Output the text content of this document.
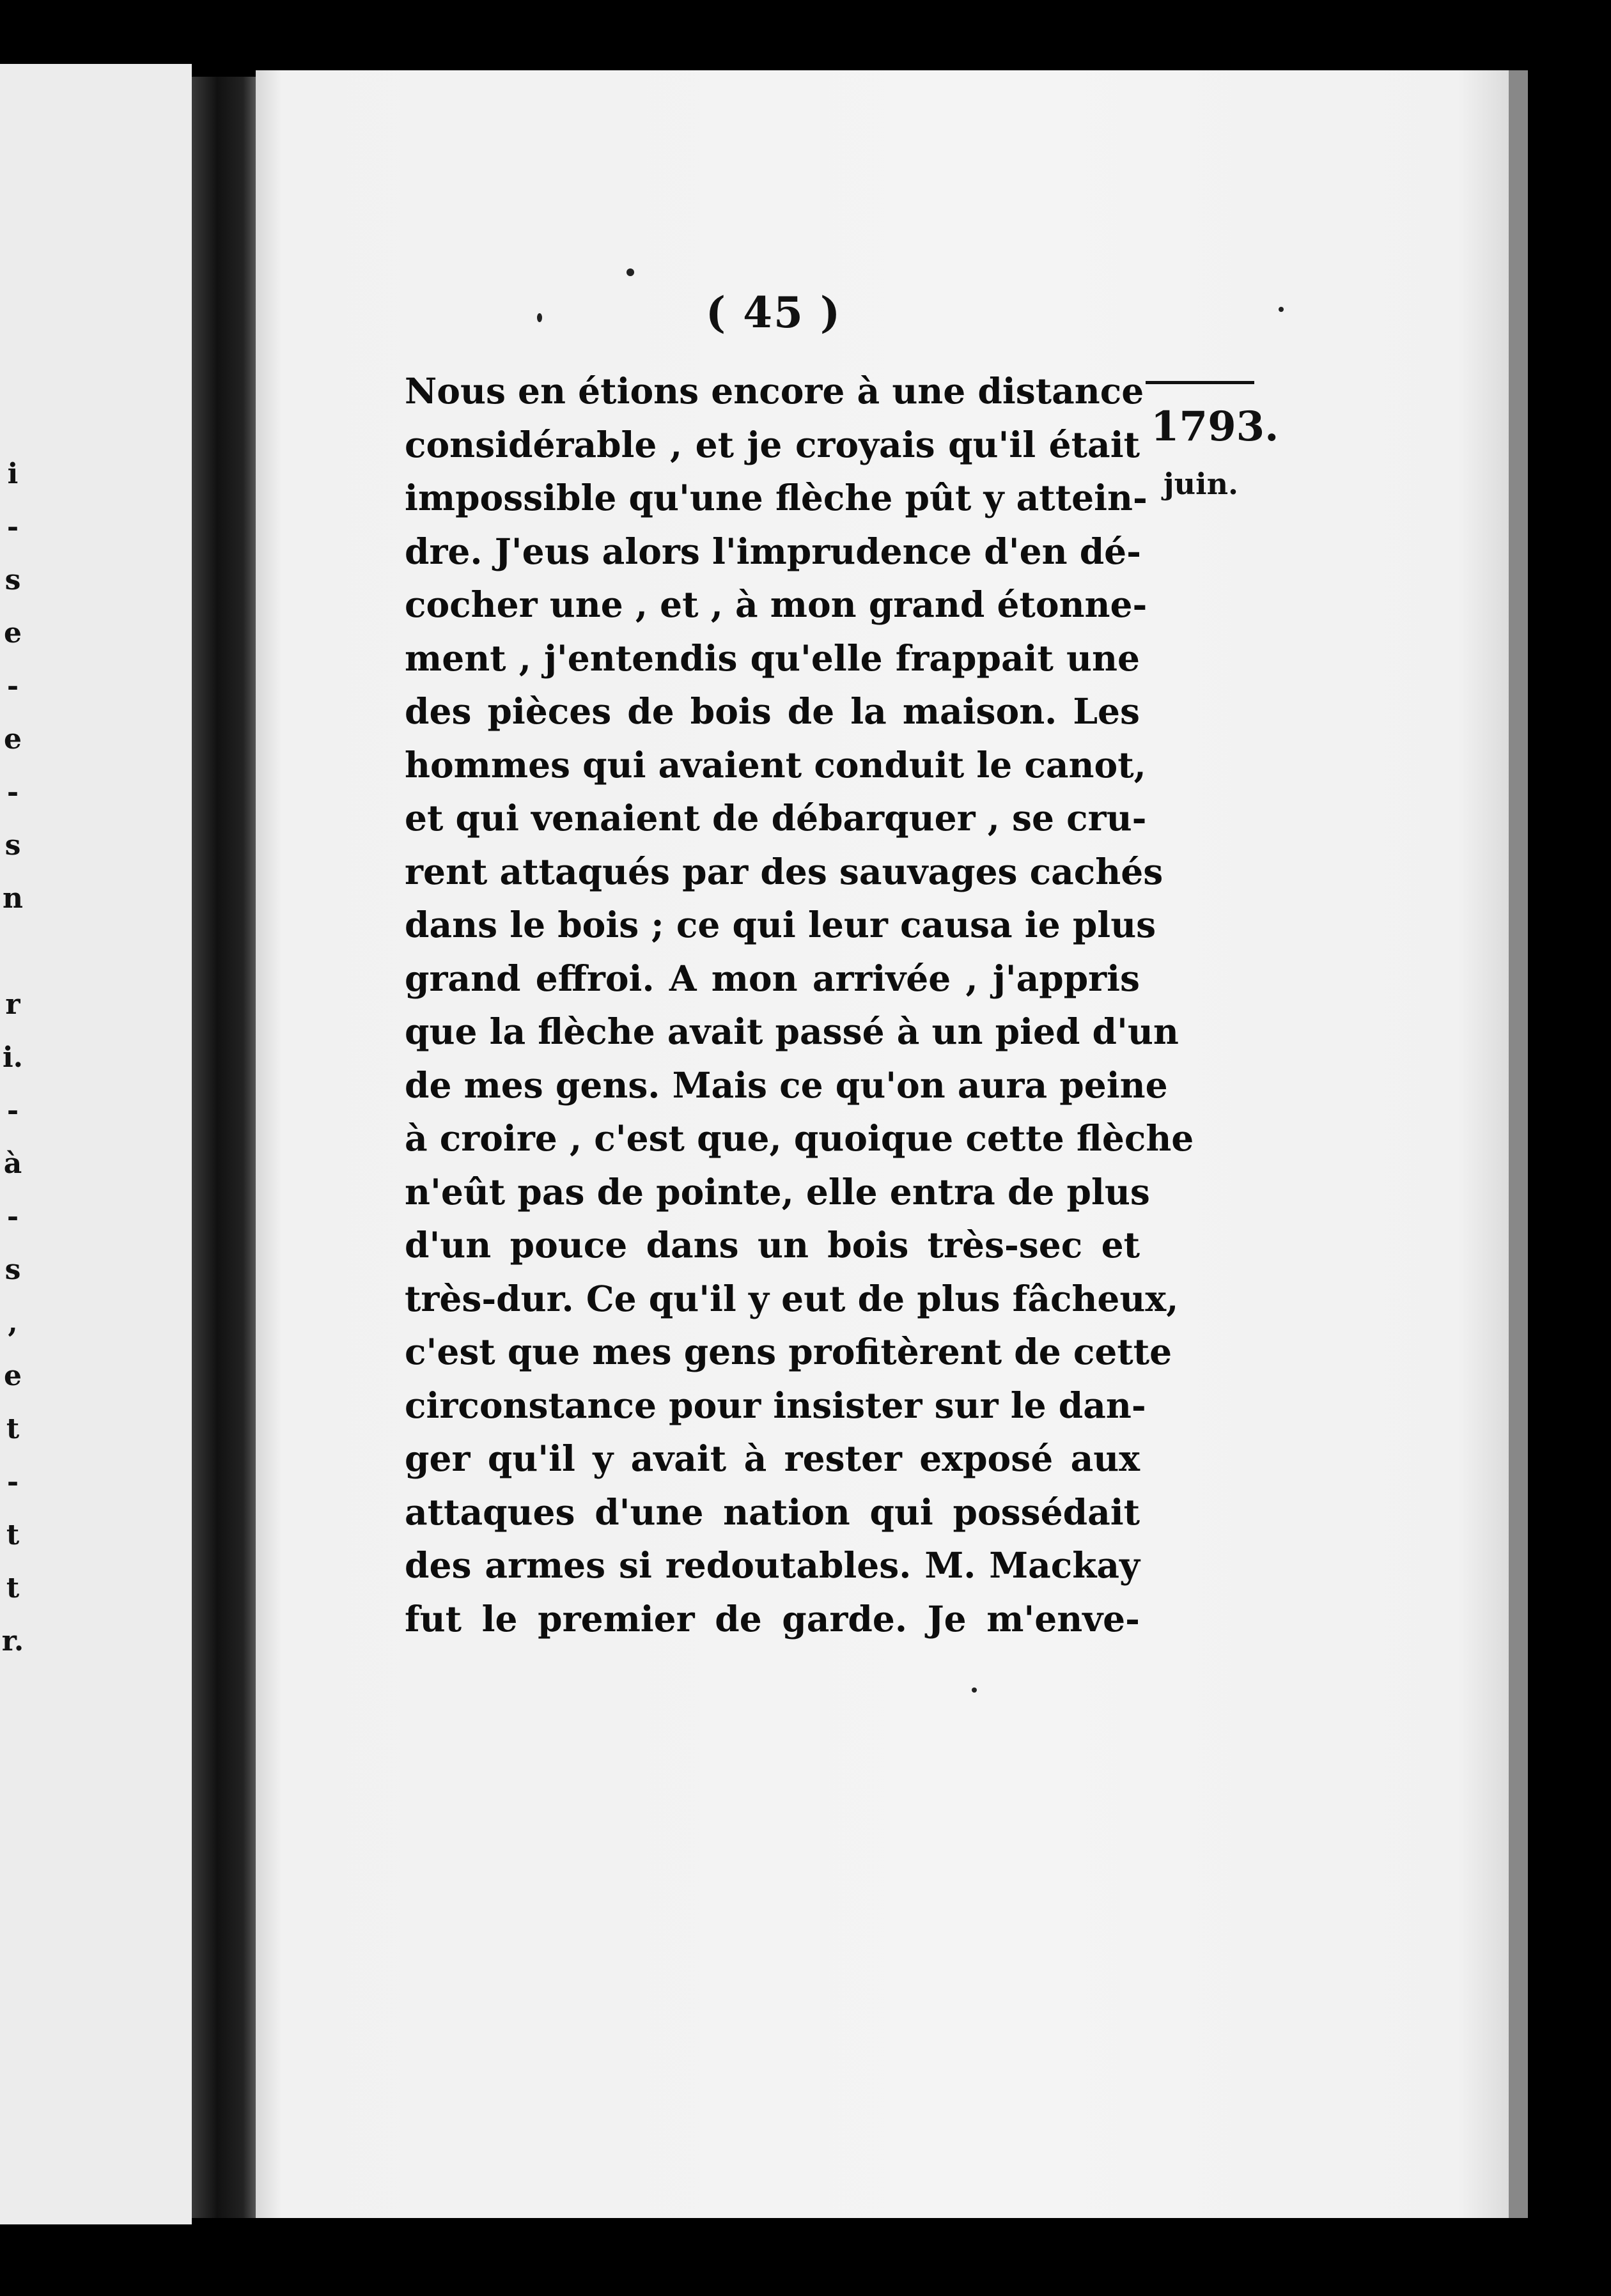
i
-
s
e
-
e
-
s
n
r
i.
-
à
-
s
,
e
t
-
t
t
r.
( 45 )
Nous en étions encore à une distance
considérable , et je croyais qu'il était
impossible qu'une flèche pût y attein-
dre. J'eus alors l'imprudence d'en dé-
cocher une , et , à mon grand étonne-
ment , j'entendis qu'elle frappait une
des pièces de bois de la maison. Les
hommes qui avaient conduit le canot,
et qui venaient de débarquer , se cru-
rent attaqués par des sauvages cachés
dans le bois ; ce qui leur causa ie plus
grand effroi. A mon arrivée , j'appris
que la flèche avait passé à un pied d'un
de mes gens. Mais ce qu'on aura peine
à croire , c'est que, quoique cette flèche
n'eût pas de pointe, elle entra de plus
d'un pouce dans un bois très-sec et
très-dur. Ce qu'il y eut de plus fâcheux,
c'est que mes gens profitèrent de cette
circonstance pour insister sur le dan-
ger qu'il y avait à rester exposé aux
attaques d'une nation qui possédait
des armes si redoutables. M. Mackay
fut le premier de garde. Je m'enve-
1793.
juin.
